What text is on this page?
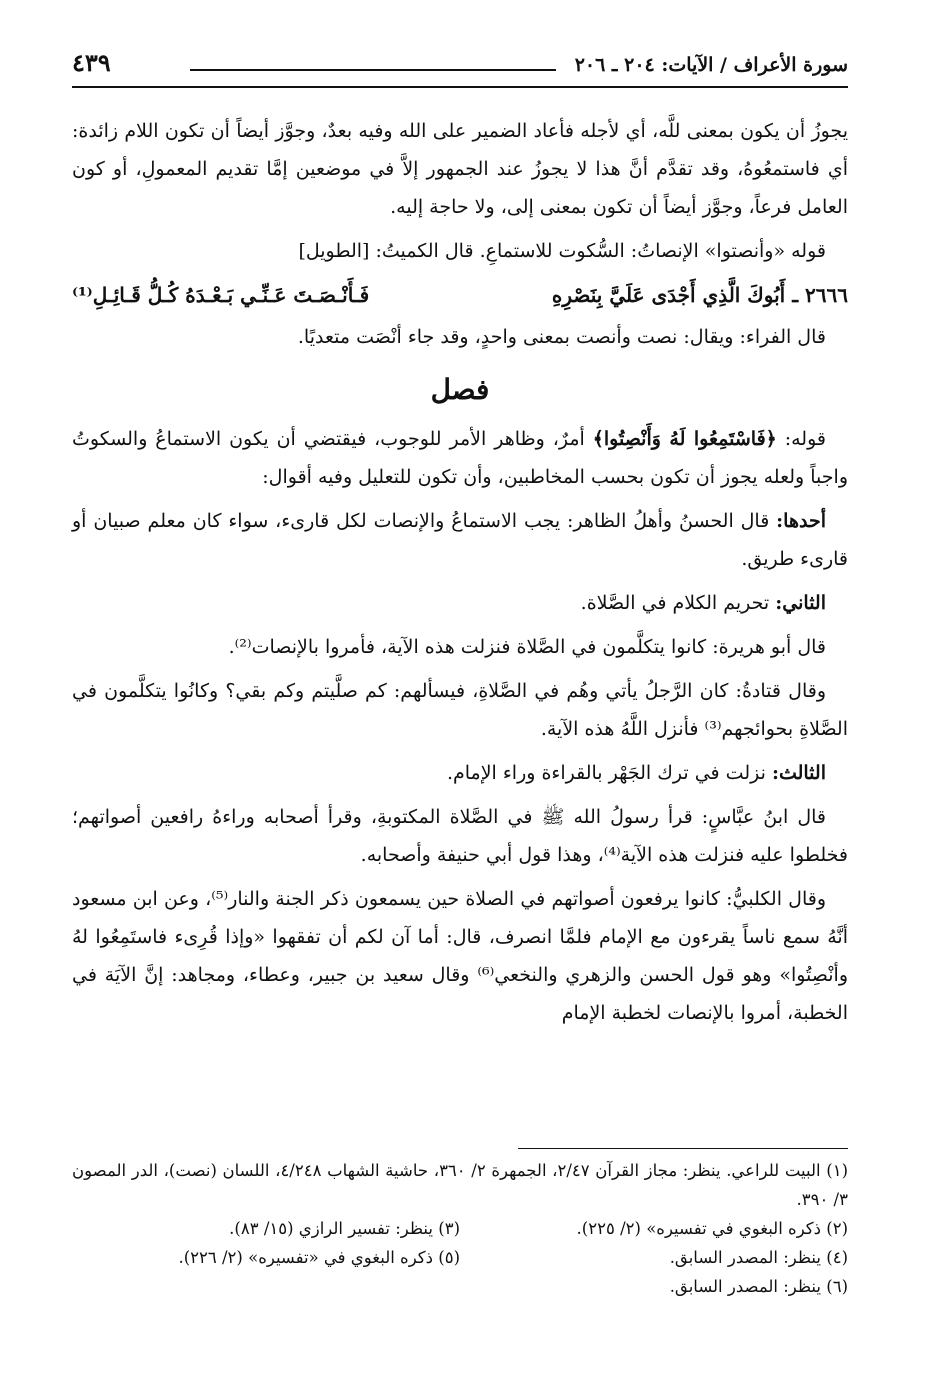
سورة الأعراف / الآيات: ٢٠٤ ـ ٢٠٦
٤٣٩

يجوزُ أن يكون بمعنى للَّه، أي لأجله فأعاد الضمير على الله وفيه بعدٌ، وجوَّز أيضاً أن تكون اللام زائدة: أي فاستمعُوهُ، وقد تقدَّم أنَّ هذا لا يجوزُ عند الجمهور إلاَّ في موضعين إمَّا تقديم المعمولِ، أو كون العامل فرعاً، وجوَّز أيضاً أن تكون بمعنى إلى، ولا حاجة إليه.

قوله «وأنصتوا» الإنصاتُ: السُّكوت للاستماعِ. قال الكميتُ: [الطويل]

٢٦٦٦ ـ أَبُوكَ الَّذِي أَجْدَى عَلَيَّ بِنَصْرِهِ
فَـأَنْـصَـتَ عَـنِّـي بَـعْـدَهُ كُـلُّ قَـائِـلِ⁽¹⁾

قال الفراء: ويقال: نصت وأنصت بمعنى واحدٍ، وقد جاء أنْصَت متعديًا.

فصل

قوله: ﴿فَاسْتَمِعُوا لَهُ وَأَنْصِتُوا﴾ أمرٌ، وظاهر الأمر للوجوب، فيقتضي أن يكون الاستماعُ والسكوتُ واجباً ولعله يجوز أن تكون بحسب المخاطبين، وأن تكون للتعليل وفيه أقوال:

أحدها: قال الحسنُ وأهلُ الظاهر: يجب الاستماعُ والإنصات لكل قارىء، سواء كان معلم صبيان أو قارىء طريق.

الثاني: تحريم الكلام في الصَّلاة.

قال أبو هريرة: كانوا يتكلَّمون في الصَّلاة فنزلت هذه الآية، فأمروا بالإنصات⁽²⁾.

وقال قتادةُ: كان الرَّجلُ يأتي وهُم في الصَّلاةِ، فيسألهم: كم صلَّيتم وكم بقي؟ وكانُوا يتكلَّمون في الصَّلاةِ بحوائجهم⁽³⁾ فأنزل اللَّهُ هذه الآية.

الثالث: نزلت في ترك الجَهْر بالقراءة وراء الإمام.

قال ابنُ عبَّاسٍ: قرأ رسولُ الله ﷺ في الصَّلاة المكتوبةِ، وقرأ أصحابه وراءهُ رافعين أصواتهم؛ فخلطوا عليه فنزلت هذه الآية⁽⁴⁾، وهذا قول أبي حنيفة وأصحابه.

وقال الكلبيُّ: كانوا يرفعون أصواتهم في الصلاة حين يسمعون ذكر الجنة والنار⁽⁵⁾، وعن ابن مسعود أنَّهُ سمع ناساً يقرءون مع الإمام فلمَّا انصرف، قال: أما آن لكم أن تفقهوا «وإذا قُرِىء فاستَمِعُوا لهُ وأنْصِتُوا» وهو قول الحسن والزهري والنخعي⁽⁶⁾ وقال سعيد بن جبير، وعطاء، ومجاهد: إنَّ الآيَة في الخطبة، أمروا بالإنصات لخطبة الإمام

(١) البيت للراعي. ينظر: مجاز القرآن ٢/٤٧، الجمهرة ٢/ ٣٦٠، حاشية الشهاب ٤/٢٤٨، اللسان (نصت)، الدر المصون ٣/ ٣٩٠.
(٢) ذكره البغوي في تفسيره» (٢/ ٢٢٥).
(٣) ينظر: تفسير الرازي (١٥/ ٨٣).
(٤) ينظر: المصدر السابق.
(٥) ذكره البغوي في «تفسيره» (٢/ ٢٢٦).
(٦) ينظر: المصدر السابق.
